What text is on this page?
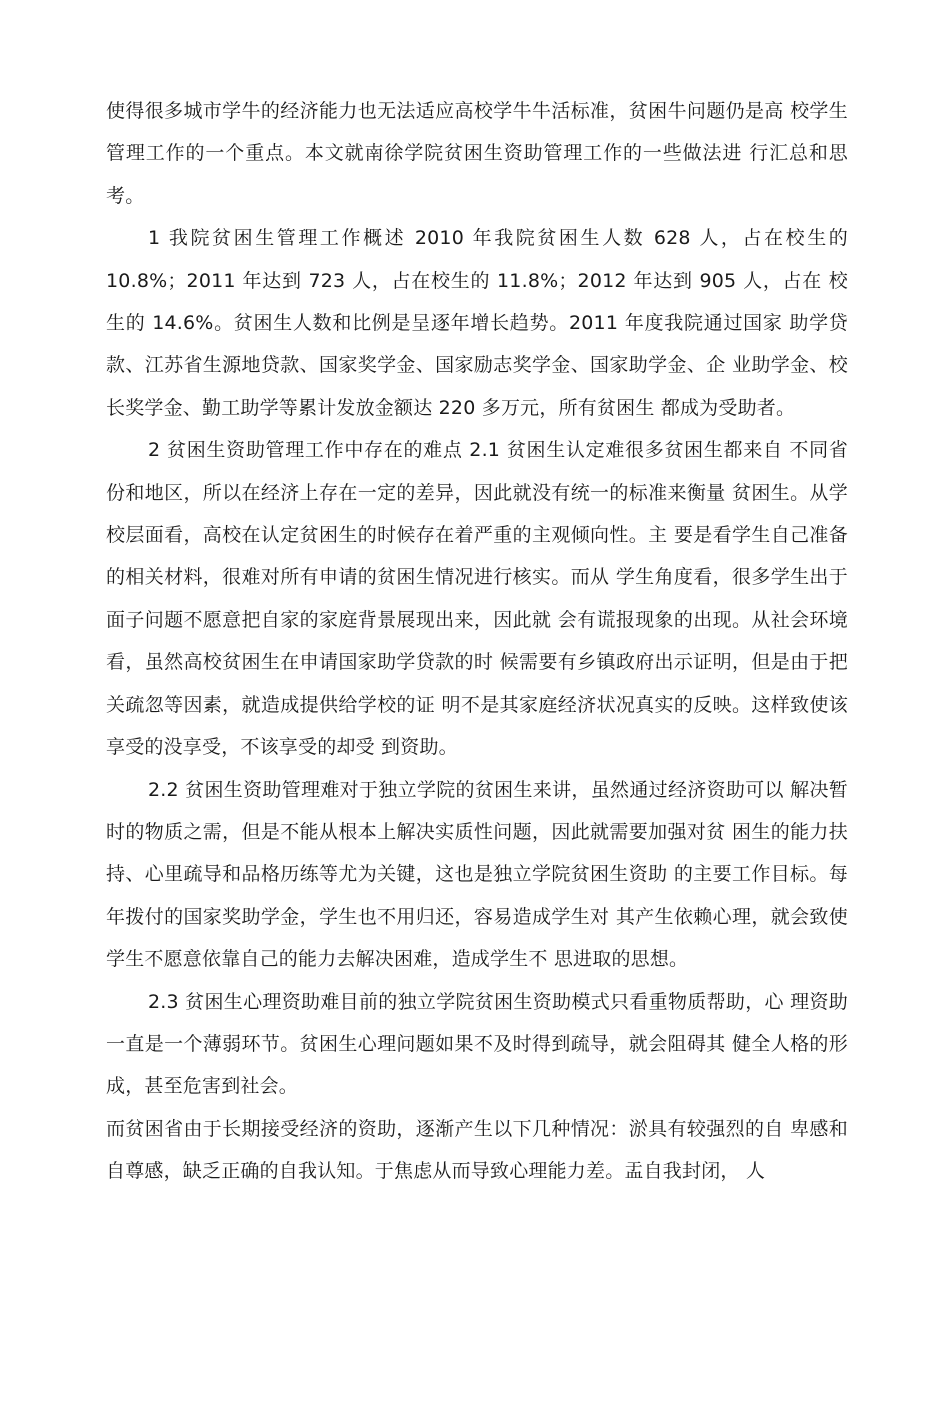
使得很多城市学牛的经济能力也无法适应高校学牛牛活标准，贫困牛问题仍是高 校学生管理工作的一个重点。本文就南徐学院贫困生资助管理工作的一些做法进 行汇总和思考。

1 我院贫困生管理工作概述 2010 年我院贫困生人数 628 人，占在校生的 10.8%；2011 年达到 723 人，占在校生的 11.8%；2012 年达到 905 人，占在 校生的 14.6%。贫困生人数和比例是呈逐年增长趋势。2011 年度我院通过国家 助学贷款、江苏省生源地贷款、国家奖学金、国家励志奖学金、国家助学金、企 业助学金、校长奖学金、勤工助学等累计发放金额达 220 多万元，所有贫困生 都成为受助者。

2 贫困生资助管理工作中存在的难点 2.1 贫困生认定难很多贫困生都来自 不同省份和地区，所以在经济上存在一定的差异，因此就没有统一的标准来衡量 贫困生。从学校层面看，高校在认定贫困生的时候存在着严重的主观倾向性。主 要是看学生自己准备的相关材料，很难对所有申请的贫困生情况进行核实。而从 学生角度看，很多学生出于面子问题不愿意把自家的家庭背景展现出来，因此就 会有谎报现象的出现。从社会环境看，虽然高校贫困生在申请国家助学贷款的时 候需要有乡镇政府出示证明，但是由于把关疏忽等因素，就造成提供给学校的证 明不是其家庭经济状况真实的反映。这样致使该享受的没享受，不该享受的却受 到资助。

2.2 贫困生资助管理难对于独立学院的贫困生来讲，虽然通过经济资助可以 解决暂时的物质之需，但是不能从根本上解决实质性问题，因此就需要加强对贫 困生的能力扶持、心里疏导和品格历练等尤为关键，这也是独立学院贫困生资助 的主要工作目标。每年拨付的国家奖助学金，学生也不用归还，容易造成学生对 其产生依赖心理，就会致使学生不愿意依靠自己的能力去解决困难，造成学生不 思进取的思想。

2.3 贫困生心理资助难目前的独立学院贫困生资助模式只看重物质帮助，心 理资助一直是一个薄弱环节。贫困生心理问题如果不及时得到疏导，就会阻碍其 健全人格的形成，甚至危害到社会。

而贫困省由于长期接受经济的资助，逐渐产生以下几种情况：淤具有较强烈的自 卑感和自尊感，缺乏正确的自我认知。于焦虑从而导致心理能力差。盂自我封闭， 人
